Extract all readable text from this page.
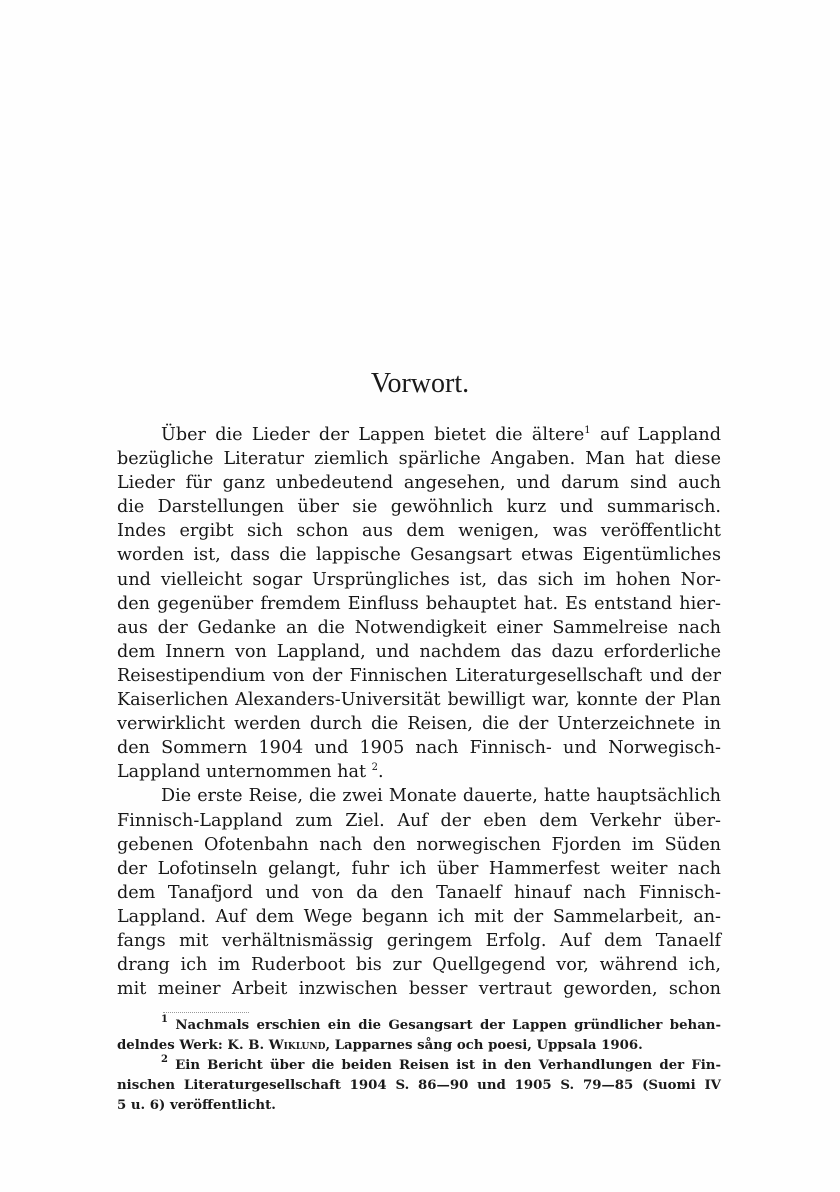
Vorwort.
Über die Lieder der Lappen bietet die ältere$^1$ auf Lappland
bezügliche Literatur ziemlich spärliche Angaben. Man hat diese
Lieder für ganz unbedeutend angesehen, und darum sind auch
die Darstellungen über sie gewöhnlich kurz und summarisch.
Indes ergibt sich schon aus dem wenigen, was veröffentlicht
worden ist, dass die lappische Gesangsart etwas Eigentümliches
und vielleicht sogar Ursprüngliches ist, das sich im hohen Nor-
den gegenüber fremdem Einfluss behauptet hat. Es entstand hier-
aus der Gedanke an die Notwendigkeit einer Sammelreise nach
dem Innern von Lappland, und nachdem das dazu erforderliche
Reisestipendium von der Finnischen Literaturgesellschaft und der
Kaiserlichen Alexanders-Universität bewilligt war, konnte der Plan
verwirklicht werden durch die Reisen, die der Unterzeichnete in
den Sommern 1904 und 1905 nach Finnisch- und Norwegisch-
Lappland unternommen hat $^2$.
Die erste Reise, die zwei Monate dauerte, hatte hauptsächlich
Finnisch-Lappland zum Ziel. Auf der eben dem Verkehr über-
gebenen Ofotenbahn nach den norwegischen Fjorden im Süden
der Lofotinseln gelangt, fuhr ich über Hammerfest weiter nach
dem Tanafjord und von da den Tanaelf hinauf nach Finnisch-
Lappland. Auf dem Wege begann ich mit der Sammelarbeit, an-
fangs mit verhältnismässig geringem Erfolg. Auf dem Tanaelf
drang ich im Ruderboot bis zur Quellgegend vor, während ich,
mit meiner Arbeit inzwischen besser vertraut geworden, schon
$^1$ Nachmals erschien ein die Gesangsart der Lappen gründlicher behan-
delndes Werk: K. B. Wiklund, Lapparnes sång och poesi, Uppsala 1906.
$^2$ Ein Bericht über die beiden Reisen ist in den Verhandlungen der Fin-
nischen Literaturgesellschaft 1904 S. 86—90 und 1905 S. 79—85 (Suomi IV
5 u. 6) veröffentlicht.
